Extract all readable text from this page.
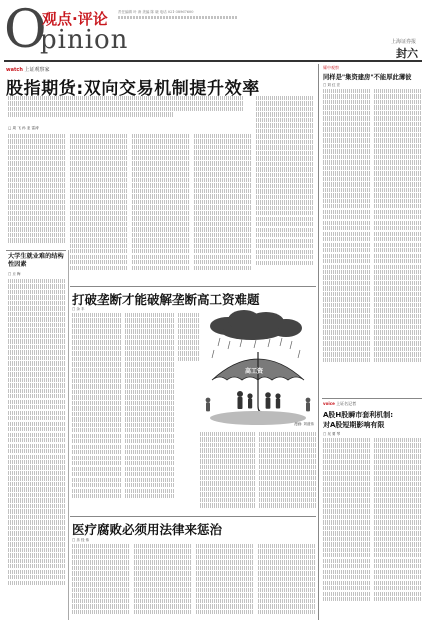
O
观点·评论
pinion
责任编辑 叶 涛 美编 陈 晓 电话 021-38967600
上海证券报
封六
watch 上证观察家
股指期货:双向交易机制提升效率
□ 周 飞 孙 亚 雷涛
耀中观察
同样是"集资建房"不能厚此薄彼
□ 刘 红 宏
voice 上证名记者
A股H股瞬市套利机制:
对A股短期影响有限
□ 吴 要 琴
大学生就业难的结构性因素
□ 丘 梅
打破垄断才能破解垄断高工资难题
□ 余 丰
高工资
漫画: 刘道伟
医疗腐败必须用法律来惩治
□ 乐 经 伟
